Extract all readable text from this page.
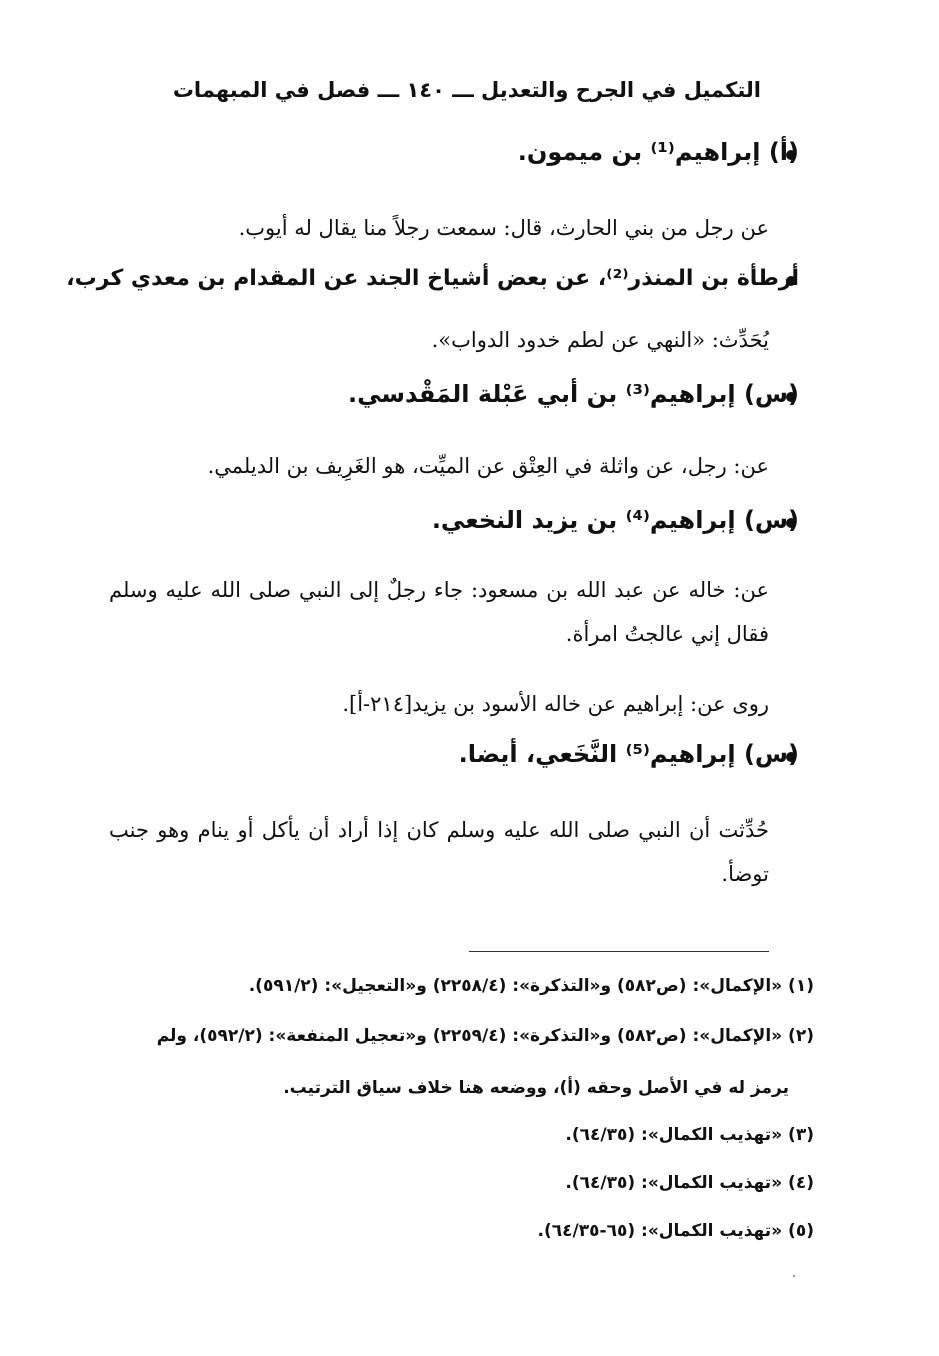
التكميل في الجرح والتعديل ـــ ١٤٠ ـــ فصل في المبهمات
(أ) إبراهيم⁽¹⁾ بن ميمون.
عن رجل من بني الحارث، قال: سمعت رجلاً منا يقال له أيوب.
أرطأة بن المنذر⁽²⁾، عن بعض أشياخ الجند عن المقدام بن معدي كرب،
يُحَدِّث: «النهي عن لطم خدود الدواب».
(س) إبراهيم⁽³⁾ بن أبي عَبْلة المَقْدسي.
عن: رجل، عن واثلة في العِتْق عن الميِّت، هو الغَرِيف بن الديلمي.
(س) إبراهيم⁽⁴⁾ بن يزيد النخعي.
عن: خاله عن عبد الله بن مسعود: جاء رجلٌ إلى النبي صلى الله عليه وسلم فقال إني عالجتُ امرأة.
روى عن: إبراهيم عن خاله الأسود بن يزيد[٢١٤-أ].
(س) إبراهيم⁽⁵⁾ النَّخَعي، أيضا.
حُدِّثت أن النبي صلى الله عليه وسلم كان إذا أراد أن يأكل أو ينام وهو جنب توضأ.
(١) «الإكمال»: (ص٥٨٢) و«التذكرة»: (٢٢٥٨/٤) و«التعجيل»: (٥٩١/٢).
(٢) «الإكمال»: (ص٥٨٢) و«التذكرة»: (٢٢٥٩/٤) و«تعجيل المنفعة»: (٥٩٢/٢)، ولم
يرمز له في الأصل وحقه (أ)، ووضعه هنا خلاف سياق الترتيب.
(٣) «تهذيب الكمال»: (٦٤/٣٥).
(٤) «تهذيب الكمال»: (٦٤/٣٥).
(٥) «تهذيب الكمال»: (٦٥-٦٤/٣٥).
